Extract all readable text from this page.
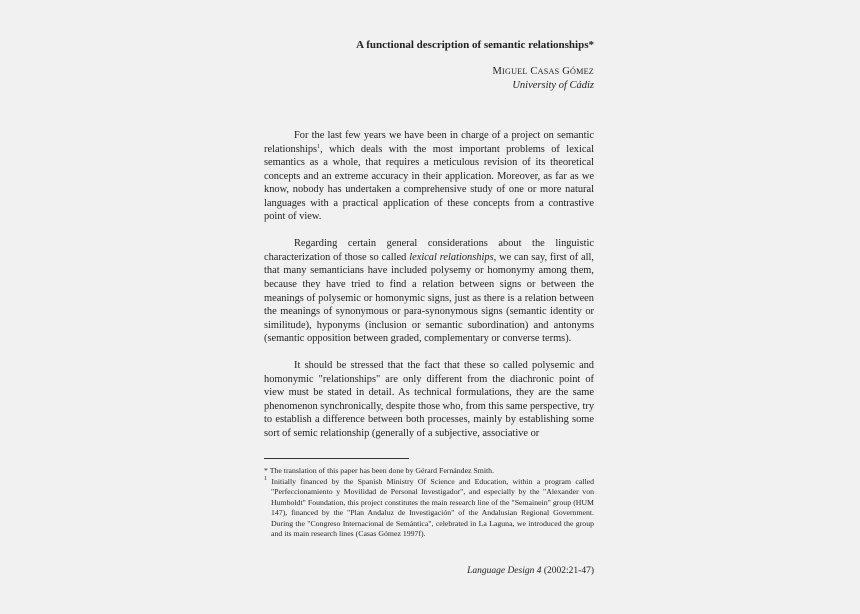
A functional description of semantic relationships*
MIGUEL CASAS GÓMEZ
University of Cádiz

For the last few years we have been in charge of a project on semantic relationships$^1$, which deals with the most important problems of lexical semantics as a whole, that requires a meticulous revision of its theoretical concepts and an extreme accuracy in their application. Moreover, as far as we know, nobody has undertaken a comprehensive study of one or more natural languages with a practical application of these concepts from a contrastive point of view.

Regarding certain general considerations about the linguistic characterization of those so called lexical relationships, we can say, first of all, that many semanticians have included polysemy or homonymy among them, because they have tried to find a relation between signs or between the meanings of polysemic or homonymic signs, just as there is a relation between the meanings of synonymous or para-synonymous signs (semantic identity or similitude), hyponyms (inclusion or semantic subordination) and antonyms (semantic opposition between graded, complementary or converse terms).

It should be stressed that the fact that these so called polysemic and homonymic "relationships" are only different from the diachronic point of view must be stated in detail. As technical formulations, they are the same phenomenon synchronically, despite those who, from this same perspective, try to establish a difference between both processes, mainly by establishing some sort of semic relationship (generally of a subjective, associative or

* The translation of this paper has been done by Gérard Fernández Smith.

$^1$ Initially financed by the Spanish Ministry Of Science and Education, within a program called "Perfeccionamiento y Movilidad de Personal Investigador", and especially by the "Alexander von Humboldt" Foundation, this project constitutes the main research line of the "Semainein" group (HUM 147), financed by the "Plan Andaluz de Investigación" of the Andalusian Regional Government. During the "Congreso Internacional de Semántica", celebrated in La Laguna, we introduced the group and its main research lines (Casas Gómez 1997f).

Language Design 4 (2002:21-47)
